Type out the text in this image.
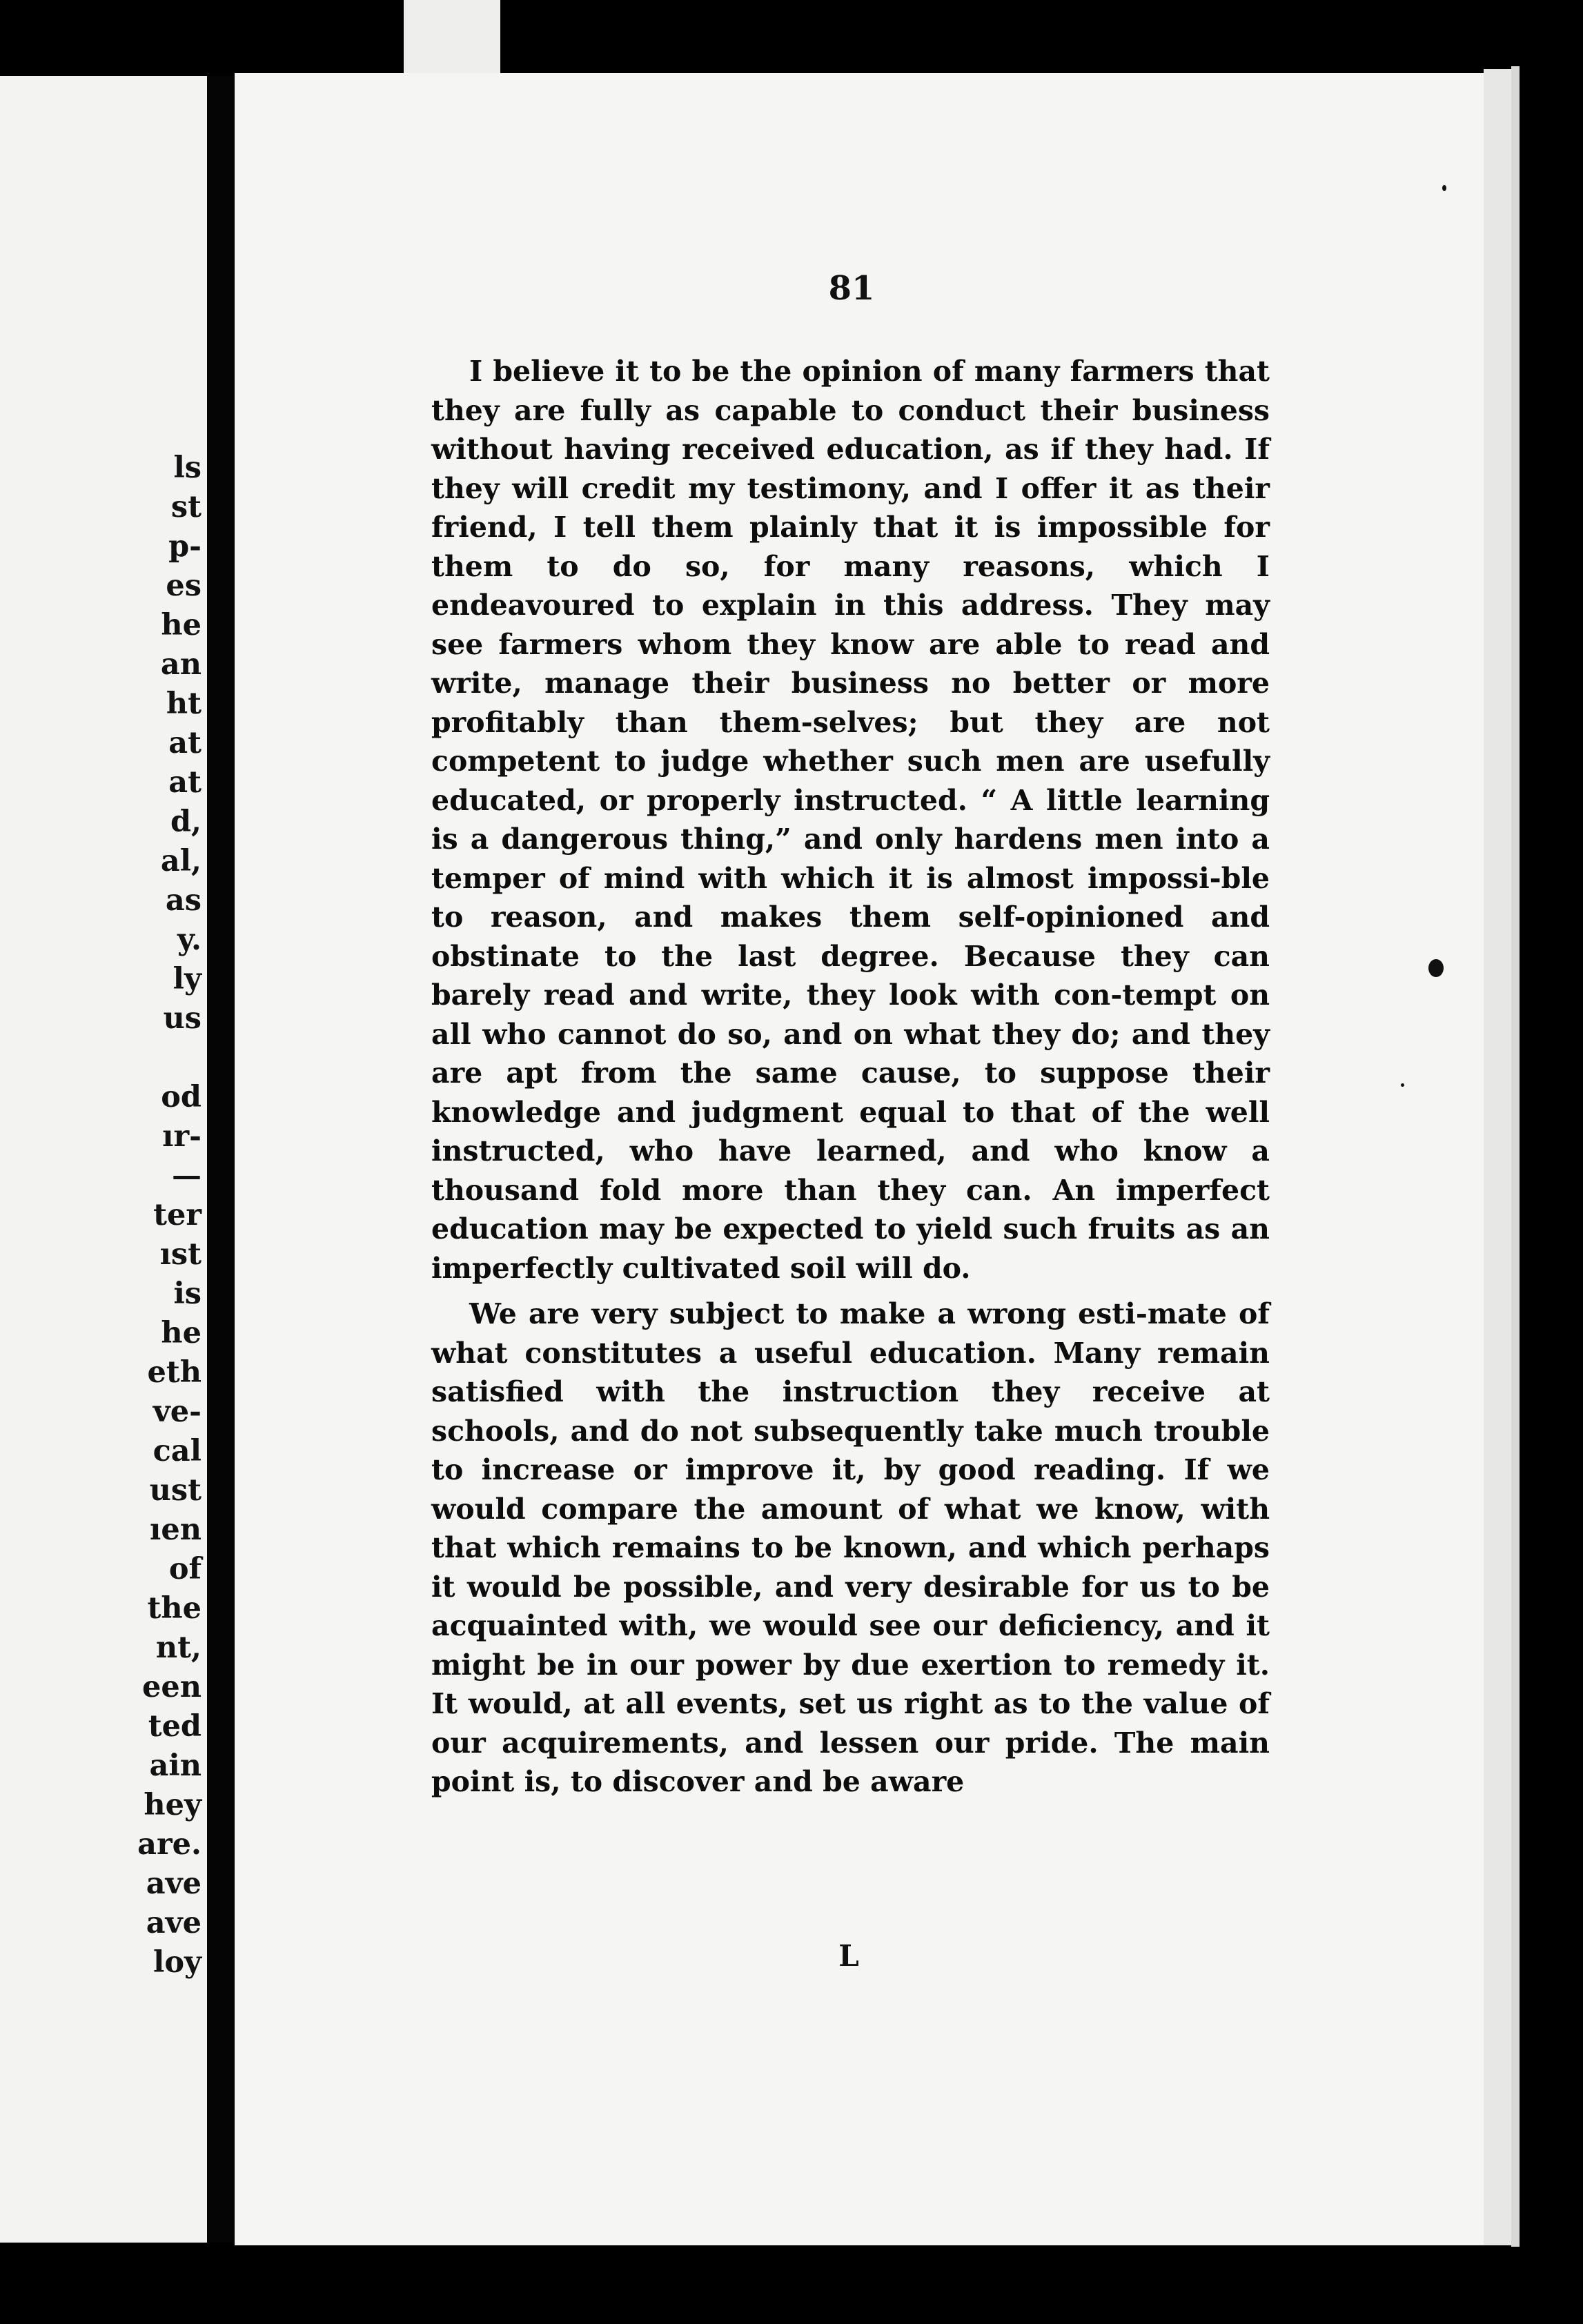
ls
st
p-
es
he
an
ht
at
at
d,
al,
as
y.
ly
us

od
ır-
—
ter
ıst
is
he
eth
ve-
cal
ust
ıen
of
the
nt,
een
ted
ain
hey
are.
ave
ave
loy
81

I believe it to be the opinion of many farmers that they are fully as capable to conduct their business without having received education, as if they had. If they will credit my testimony, and I offer it as their friend, I tell them plainly that it is impossible for them to do so, for many reasons, which I endeavoured to explain in this address. They may see farmers whom they know are able to read and write, manage their business no better or more profitably than them-selves; but they are not competent to judge whether such men are usefully educated, or properly instructed. “ A little learning is a dangerous thing,” and only hardens men into a temper of mind with which it is almost impossi-ble to reason, and makes them self-opinioned and obstinate to the last degree. Because they can barely read and write, they look with con-tempt on all who cannot do so, and on what they do; and they are apt from the same cause, to suppose their knowledge and judgment equal to that of the well instructed, who have learned, and who know a thousand fold more than they can. An imperfect education may be expected to yield such fruits as an imperfectly cultivated soil will do.

We are very subject to make a wrong esti-mate of what constitutes a useful education. Many remain satisfied with the instruction they receive at schools, and do not subsequently take much trouble to increase or improve it, by good reading. If we would compare the amount of what we know, with that which remains to be known, and which perhaps it would be possible, and very desirable for us to be acquainted with, we would see our deficiency, and it might be in our power by due exertion to remedy it. It would, at all events, set us right as to the value of our acquirements, and lessen our pride. The main point is, to discover and be aware

L
